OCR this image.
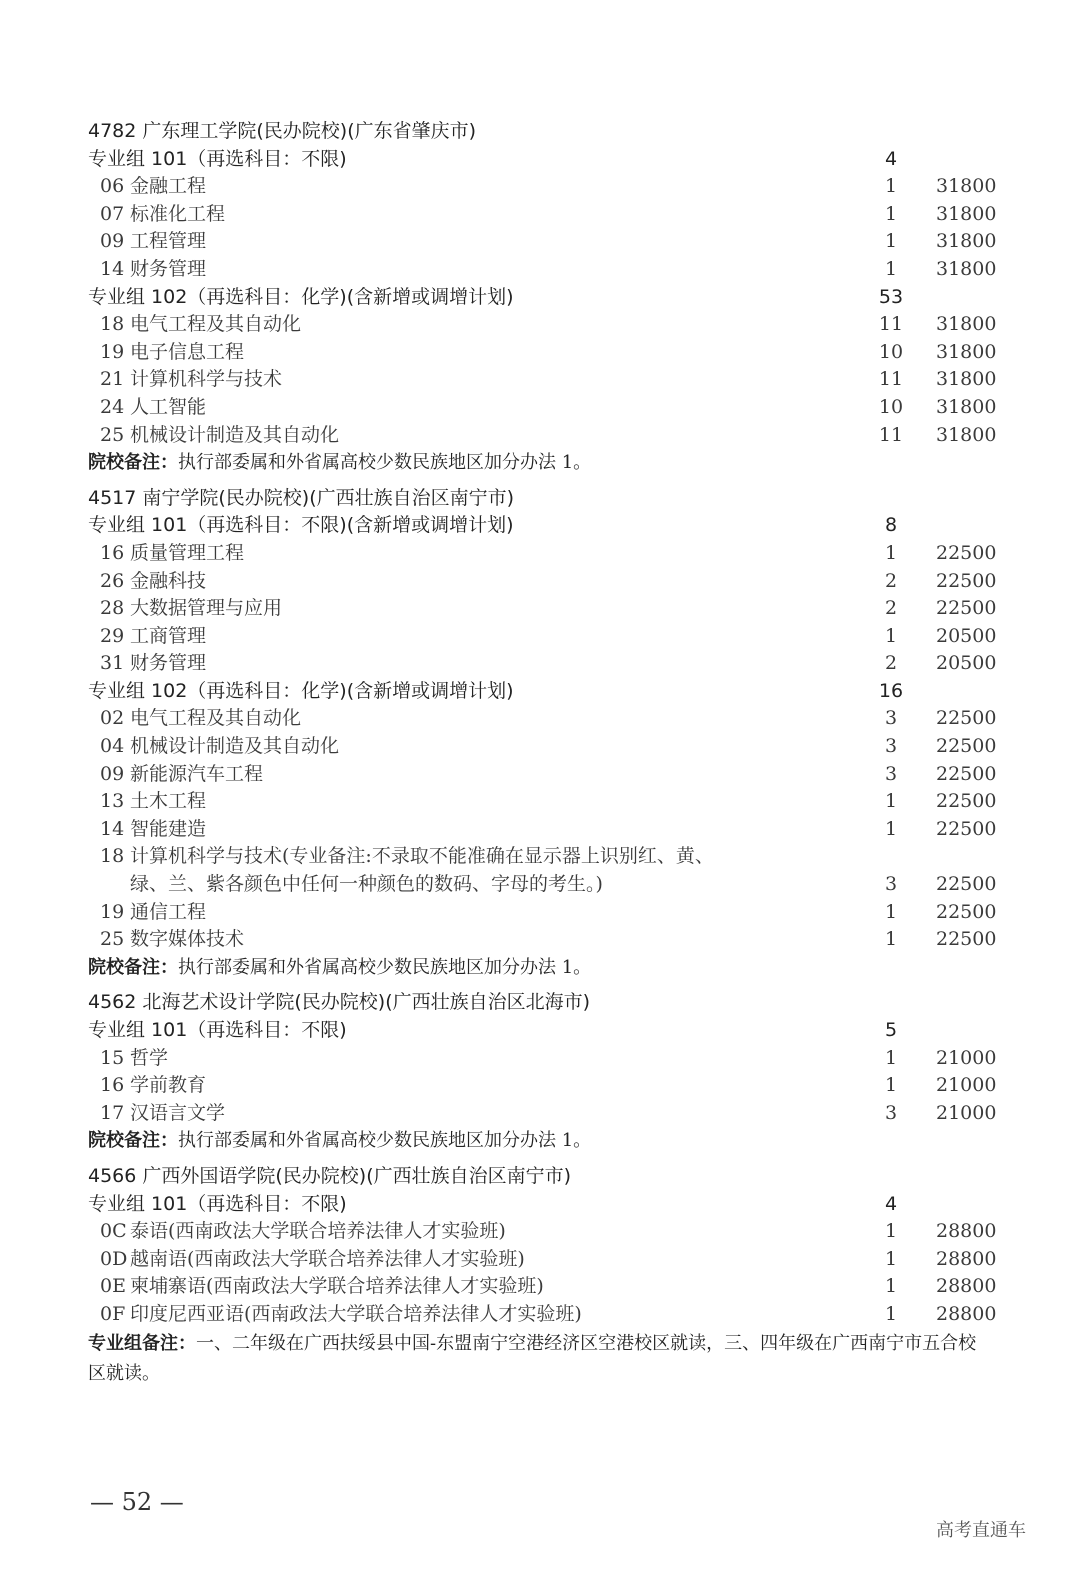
4782 广东理工学院(民办院校)(广东省肇庆市)
专业组 101（再选科目：不限)	4
06 金融工程	1	31800
07 标准化工程	1	31800
09 工程管理	1	31800
14 财务管理	1	31800
专业组 102（再选科目：化学)(含新增或调增计划)	53
18 电气工程及其自动化	11 31800
19 电子信息工程	10 31800
21 计算机科学与技术	11 31800
24 人工智能	10 31800
25 机械设计制造及其自动化	11 31800
院校备注：执行部委属和外省属高校少数民族地区加分办法 1。
4517 南宁学院(民办院校)(广西壮族自治区南宁市)
专业组 101（再选科目：不限)(含新增或调增计划)	8
16 质量管理工程	1	22500
26 金融科技	2	22500
28 大数据管理与应用	2	22500
29 工商管理	1	20500
31 财务管理	2	20500
专业组 102（再选科目：化学)(含新增或调增计划)	16
02 电气工程及其自动化	3	22500
04 机械设计制造及其自动化	3	22500
09 新能源汽车工程	3	22500
13 土木工程	1	22500
14 智能建造	1	22500
18 计算机科学与技术(专业备注:不录取不能准确在显示器上识别红、黄、
绿、兰、紫各颜色中任何一种颜色的数码、字母的考生。)	3	22500
19 通信工程	1	22500
25 数字媒体技术	1	22500
院校备注：执行部委属和外省属高校少数民族地区加分办法 1。
4562 北海艺术设计学院(民办院校)(广西壮族自治区北海市)
专业组 101（再选科目：不限)	5
15 哲学	1	21000
16 学前教育	1	21000
17 汉语言文学	3	21000
院校备注：执行部委属和外省属高校少数民族地区加分办法 1。
4566 广西外国语学院(民办院校)(广西壮族自治区南宁市)
专业组 101（再选科目：不限)	4
0C 泰语(西南政法大学联合培养法律人才实验班)	1	28800
0D 越南语(西南政法大学联合培养法律人才实验班)	1	28800
0E 柬埔寨语(西南政法大学联合培养法律人才实验班)	1	28800
0F 印度尼西亚语(西南政法大学联合培养法律人才实验班)	1	28800
专业组备注：一、二年级在广西扶绥县中国-东盟南宁空港经济区空港校区就读，三、四年级在广西南宁市五合校区就读。
— 52 —
高考直通车
